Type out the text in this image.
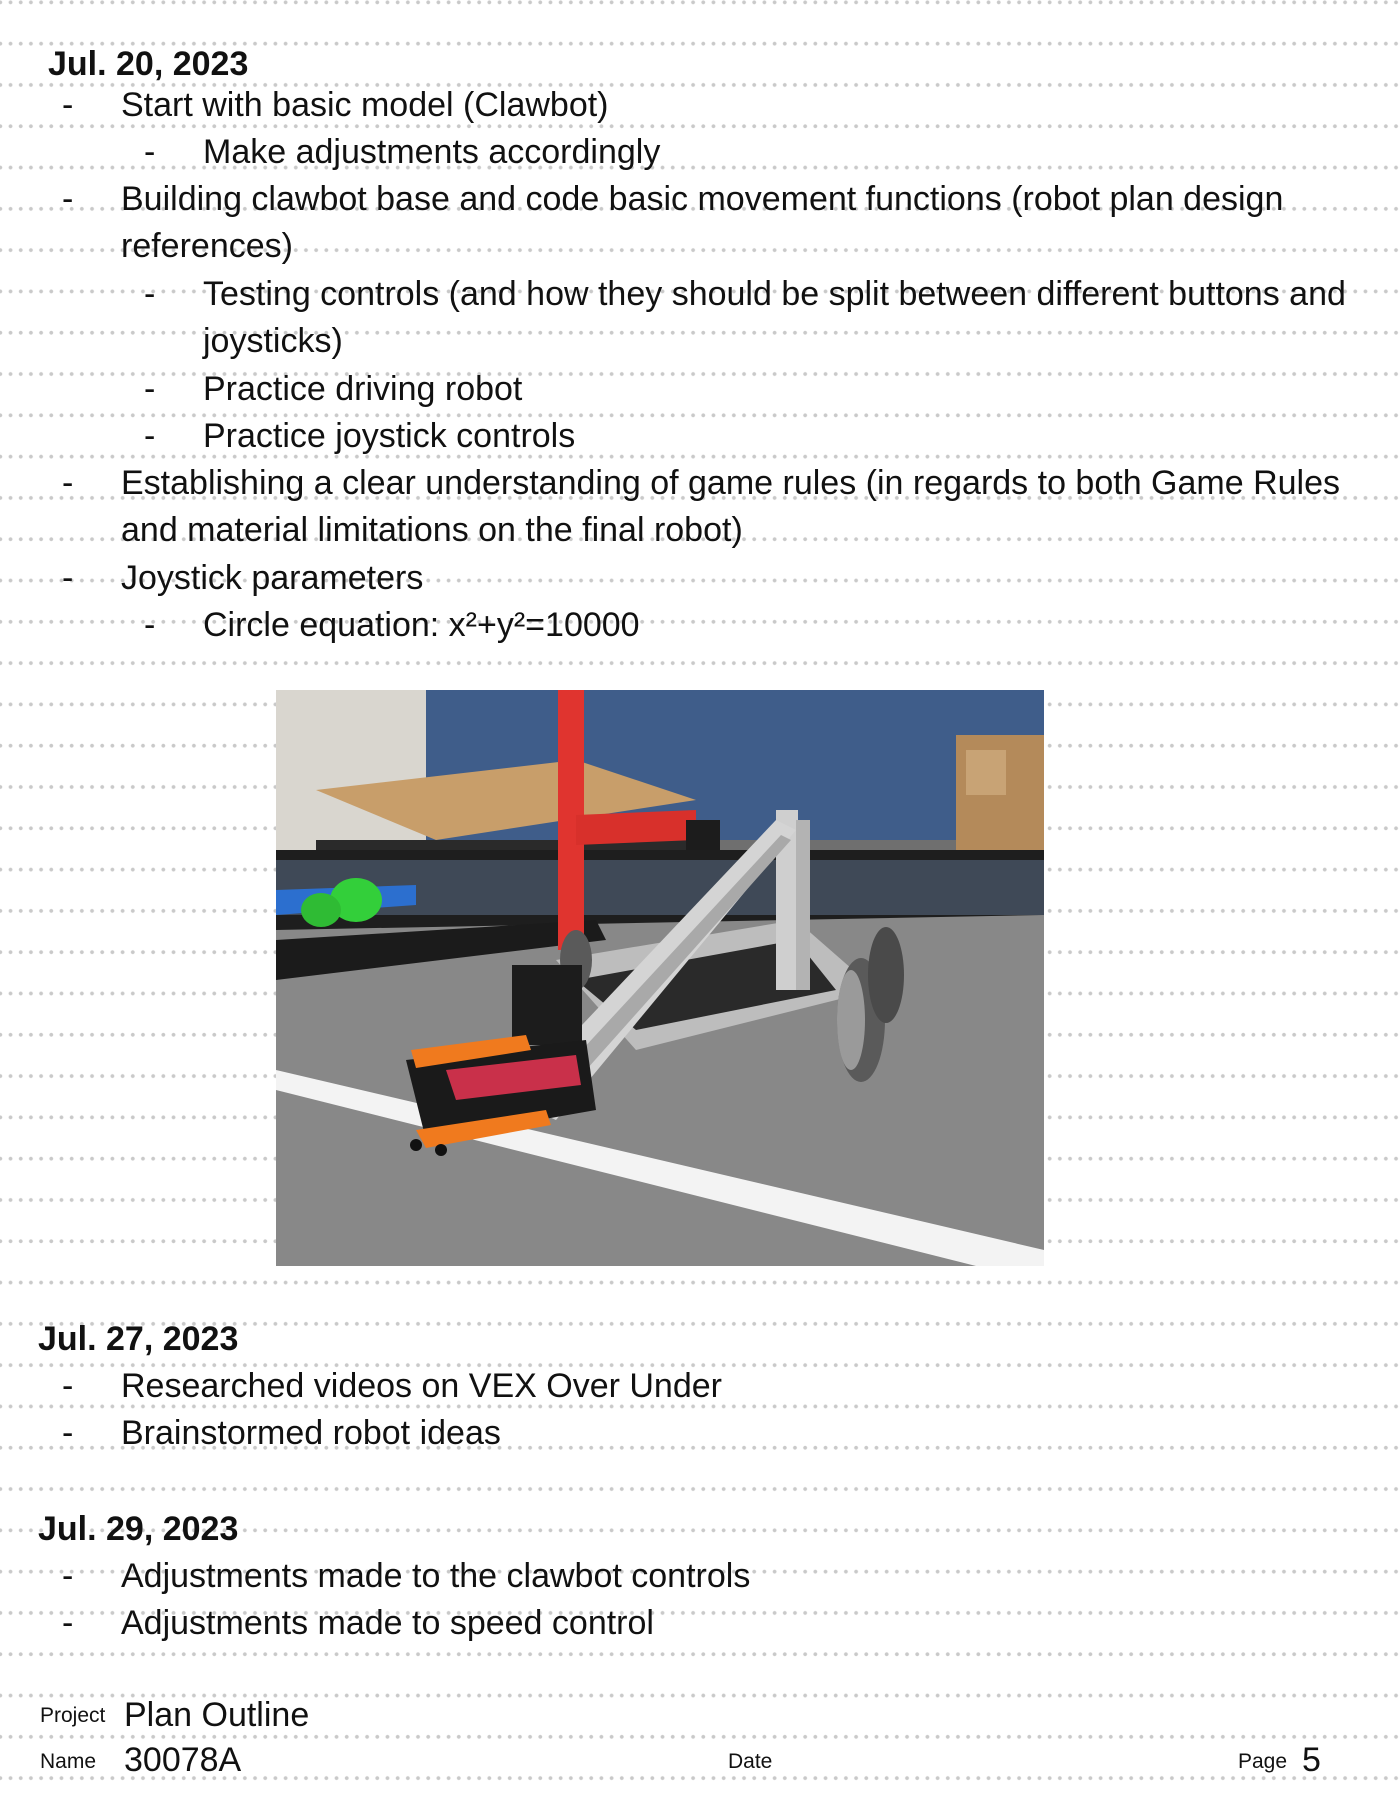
Jul. 20, 2023
- Start with basic model (Clawbot)
- Make adjustments accordingly
- Building clawbot base and code basic movement functions (robot plan design references)
- Testing controls (and how they should be split between different buttons and joysticks)
- Practice driving robot
- Practice joystick controls
- Establishing a clear understanding of game rules (in regards to both Game Rules and material limitations on the final robot)
- Joystick parameters
- Circle equation: x²+y²=10000
Jul. 27, 2023
- Researched videos on VEX Over Under
- Brainstormed robot ideas
Jul. 29, 2023
- Adjustments made to the clawbot controls
- Adjustments made to speed control
Project Plan Outline
Name 30078A	Date	Page 5
